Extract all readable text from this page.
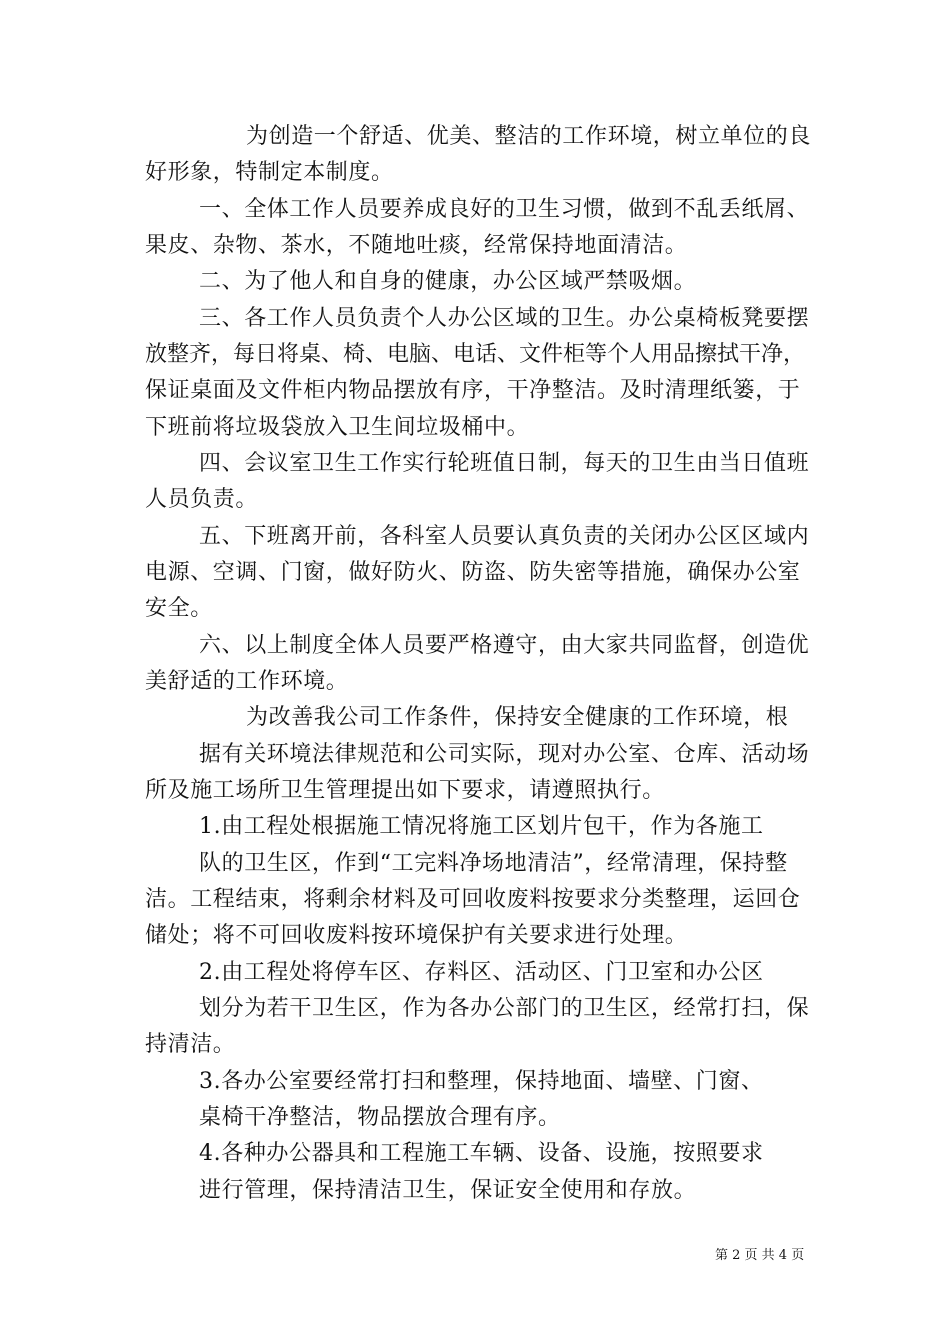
为创造一个舒适、优美、整洁的工作环境，树立单位的良
好形象，特制定本制度。
一、全体工作人员要养成良好的卫生习惯，做到不乱丢纸屑、
果皮、杂物、茶水，不随地吐痰，经常保持地面清洁。
二、为了他人和自身的健康，办公区域严禁吸烟。
三、各工作人员负责个人办公区域的卫生。办公桌椅板凳要摆
放整齐，每日将桌、椅、电脑、电话、文件柜等个人用品擦拭干净，
保证桌面及文件柜内物品摆放有序，干净整洁。及时清理纸篓，于
下班前将垃圾袋放入卫生间垃圾桶中。
四、会议室卫生工作实行轮班值日制，每天的卫生由当日值班
人员负责。
五、下班离开前，各科室人员要认真负责的关闭办公区区域内
电源、空调、门窗，做好防火、防盗、防失密等措施，确保办公室
安全。
六、以上制度全体人员要严格遵守，由大家共同监督，创造优
美舒适的工作环境。
为改善我公司工作条件，保持安全健康的工作环境，根
据有关环境法律规范和公司实际，现对办公室、仓库、活动场
所及施工场所卫生管理提出如下要求，请遵照执行。
1.由工程处根据施工情况将施工区划片包干，作为各施工
队的卫生区，作到“工完料净场地清洁”，经常清理，保持整
洁。工程结束，将剩余材料及可回收废料按要求分类整理，运回仓
储处；将不可回收废料按环境保护有关要求进行处理。
2.由工程处将停车区、存料区、活动区、门卫室和办公区
划分为若干卫生区，作为各办公部门的卫生区，经常打扫，保
持清洁。
3.各办公室要经常打扫和整理，保持地面、墙壁、门窗、
桌椅干净整洁，物品摆放合理有序。
4.各种办公器具和工程施工车辆、设备、设施，按照要求
进行管理，保持清洁卫生，保证安全使用和存放。
第 2 页 共 4 页
